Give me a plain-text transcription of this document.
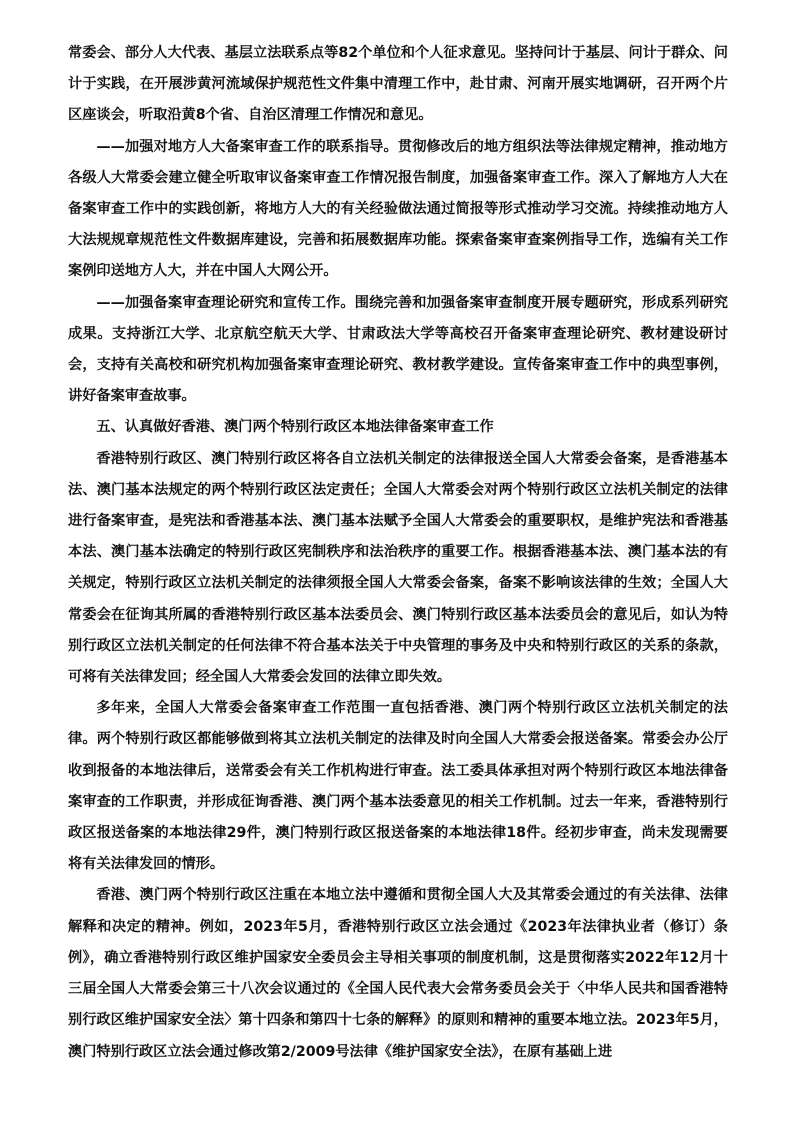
常委会、部分人大代表、基层立法联系点等82个单位和个人征求意见。坚持问计于基层、问计于群众、问计于实践，在开展涉黄河流域保护规范性文件集中清理工作中，赴甘肃、河南开展实地调研，召开两个片区座谈会，听取沿黄8个省、自治区清理工作情况和意见。

——加强对地方人大备案审查工作的联系指导。贯彻修改后的地方组织法等法律规定精神，推动地方各级人大常委会建立健全听取审议备案审查工作情况报告制度，加强备案审查工作。深入了解地方人大在备案审查工作中的实践创新，将地方人大的有关经验做法通过简报等形式推动学习交流。持续推动地方人大法规规章规范性文件数据库建设，完善和拓展数据库功能。探索备案审查案例指导工作，选编有关工作案例印送地方人大，并在中国人大网公开。

——加强备案审查理论研究和宣传工作。围绕完善和加强备案审查制度开展专题研究，形成系列研究成果。支持浙江大学、北京航空航天大学、甘肃政法大学等高校召开备案审查理论研究、教材建设研讨会，支持有关高校和研究机构加强备案审查理论研究、教材教学建设。宣传备案审查工作中的典型事例，讲好备案审查故事。

五、认真做好香港、澳门两个特别行政区本地法律备案审查工作

香港特别行政区、澳门特别行政区将各自立法机关制定的法律报送全国人大常委会备案，是香港基本法、澳门基本法规定的两个特别行政区法定责任；全国人大常委会对两个特别行政区立法机关制定的法律进行备案审查，是宪法和香港基本法、澳门基本法赋予全国人大常委会的重要职权，是维护宪法和香港基本法、澳门基本法确定的特别行政区宪制秩序和法治秩序的重要工作。根据香港基本法、澳门基本法的有关规定，特别行政区立法机关制定的法律须报全国人大常委会备案，备案不影响该法律的生效；全国人大常委会在征询其所属的香港特别行政区基本法委员会、澳门特别行政区基本法委员会的意见后，如认为特别行政区立法机关制定的任何法律不符合基本法关于中央管理的事务及中央和特别行政区的关系的条款，可将有关法律发回；经全国人大常委会发回的法律立即失效。

多年来，全国人大常委会备案审查工作范围一直包括香港、澳门两个特别行政区立法机关制定的法律。两个特别行政区都能够做到将其立法机关制定的法律及时向全国人大常委会报送备案。常委会办公厅收到报备的本地法律后，送常委会有关工作机构进行审查。法工委具体承担对两个特别行政区本地法律备案审查的工作职责，并形成征询香港、澳门两个基本法委意见的相关工作机制。过去一年来，香港特别行政区报送备案的本地法律29件，澳门特别行政区报送备案的本地法律18件。经初步审查，尚未发现需要将有关法律发回的情形。

香港、澳门两个特别行政区注重在本地立法中遵循和贯彻全国人大及其常委会通过的有关法律、法律解释和决定的精神。例如，2023年5月，香港特别行政区立法会通过《2023年法律执业者（修订）条例》，确立香港特别行政区维护国家安全委员会主导相关事项的制度机制，这是贯彻落实2022年12月十三届全国人大常委会第三十八次会议通过的《全国人民代表大会常务委员会关于〈中华人民共和国香港特别行政区维护国家安全法〉第十四条和第四十七条的解释》的原则和精神的重要本地立法。2023年5月，澳门特别行政区立法会通过修改第2/2009号法律《维护国家安全法》，在原有基础上进
